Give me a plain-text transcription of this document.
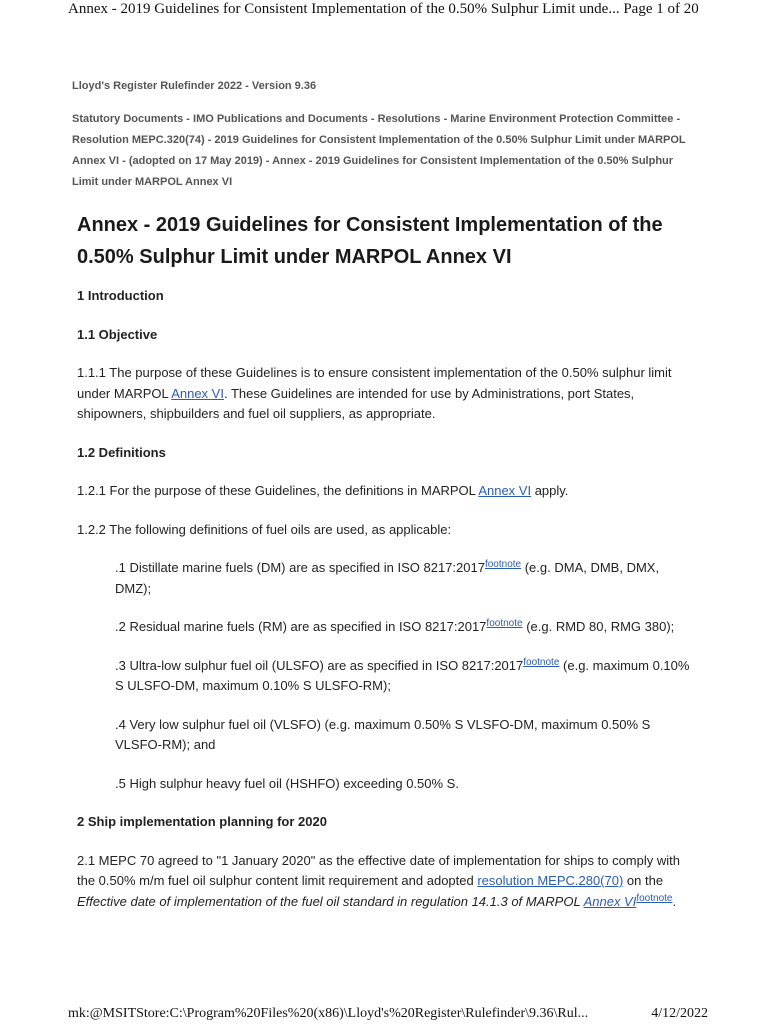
Annex - 2019 Guidelines for Consistent Implementation of the 0.50% Sulphur Limit unde... Page 1 of 20
Lloyd's Register Rulefinder 2022 - Version 9.36
Statutory Documents - IMO Publications and Documents - Resolutions - Marine Environment Protection Committee - Resolution MEPC.320(74) - 2019 Guidelines for Consistent Implementation of the 0.50% Sulphur Limit under MARPOL Annex VI - (adopted on 17 May 2019) - Annex - 2019 Guidelines for Consistent Implementation of the 0.50% Sulphur Limit under MARPOL Annex VI
Annex - 2019 Guidelines for Consistent Implementation of the 0.50% Sulphur Limit under MARPOL Annex VI

1 Introduction

1.1 Objective

1.1.1 The purpose of these Guidelines is to ensure consistent implementation of the 0.50% sulphur limit under MARPOL Annex VI. These Guidelines are intended for use by Administrations, port States, shipowners, shipbuilders and fuel oil suppliers, as appropriate.

1.2 Definitions

1.2.1 For the purpose of these Guidelines, the definitions in MARPOL Annex VI apply.

1.2.2 The following definitions of fuel oils are used, as applicable:

.1 Distillate marine fuels (DM) are as specified in ISO 8217:2017$^{footnote}$ (e.g. DMA, DMB, DMX, DMZ);

.2 Residual marine fuels (RM) are as specified in ISO 8217:2017$^{footnote}$ (e.g. RMD 80, RMG 380);

.3 Ultra-low sulphur fuel oil (ULSFO) are as specified in ISO 8217:2017$^{footnote}$ (e.g. maximum 0.10% S ULSFO-DM, maximum 0.10% S ULSFO-RM);

.4 Very low sulphur fuel oil (VLSFO) (e.g. maximum 0.50% S VLSFO-DM, maximum 0.50% S VLSFO-RM); and

.5 High sulphur heavy fuel oil (HSHFO) exceeding 0.50% S.

2 Ship implementation planning for 2020

2.1 MEPC 70 agreed to "1 January 2020" as the effective date of implementation for ships to comply with the 0.50% m/m fuel oil sulphur content limit requirement and adopted resolution MEPC.280(70) on the Effective date of implementation of the fuel oil standard in regulation 14.1.3 of MARPOL Annex VI$^{footnote}$.

mk:@MSITStore:C:\Program%20Files%20(x86)\Lloyd's%20Register\Rulefinder\9.36\Rul...	4/12/2022
